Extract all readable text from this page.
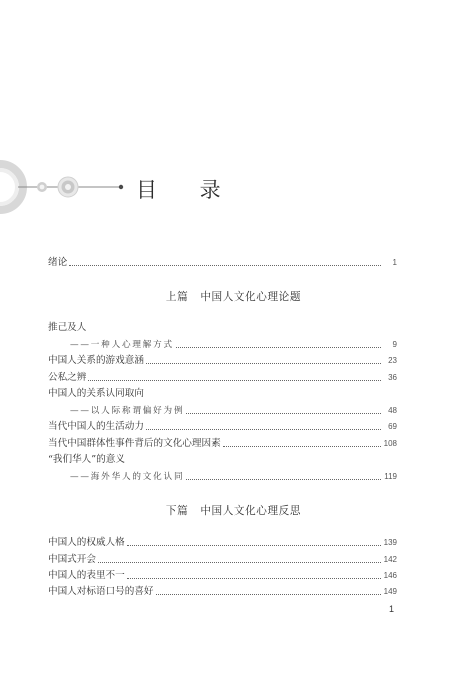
目 录
绪论	1
上篇 中国人文化心理论题
推己及人
——一种人心理解方式	9
中国人关系的游戏意涵	23
公私之辨	36
中国人的关系认同取向
——以人际称谓偏好为例	48
当代中国人的生活动力	69
当代中国群体性事件背后的文化心理因素	108
“我们华人”的意义
——海外华人的文化认同	119
下篇 中国人文化心理反思
中国人的权威人格	139
中国式开会	142
中国人的表里不一	146
中国人对标语口号的喜好	149
1
